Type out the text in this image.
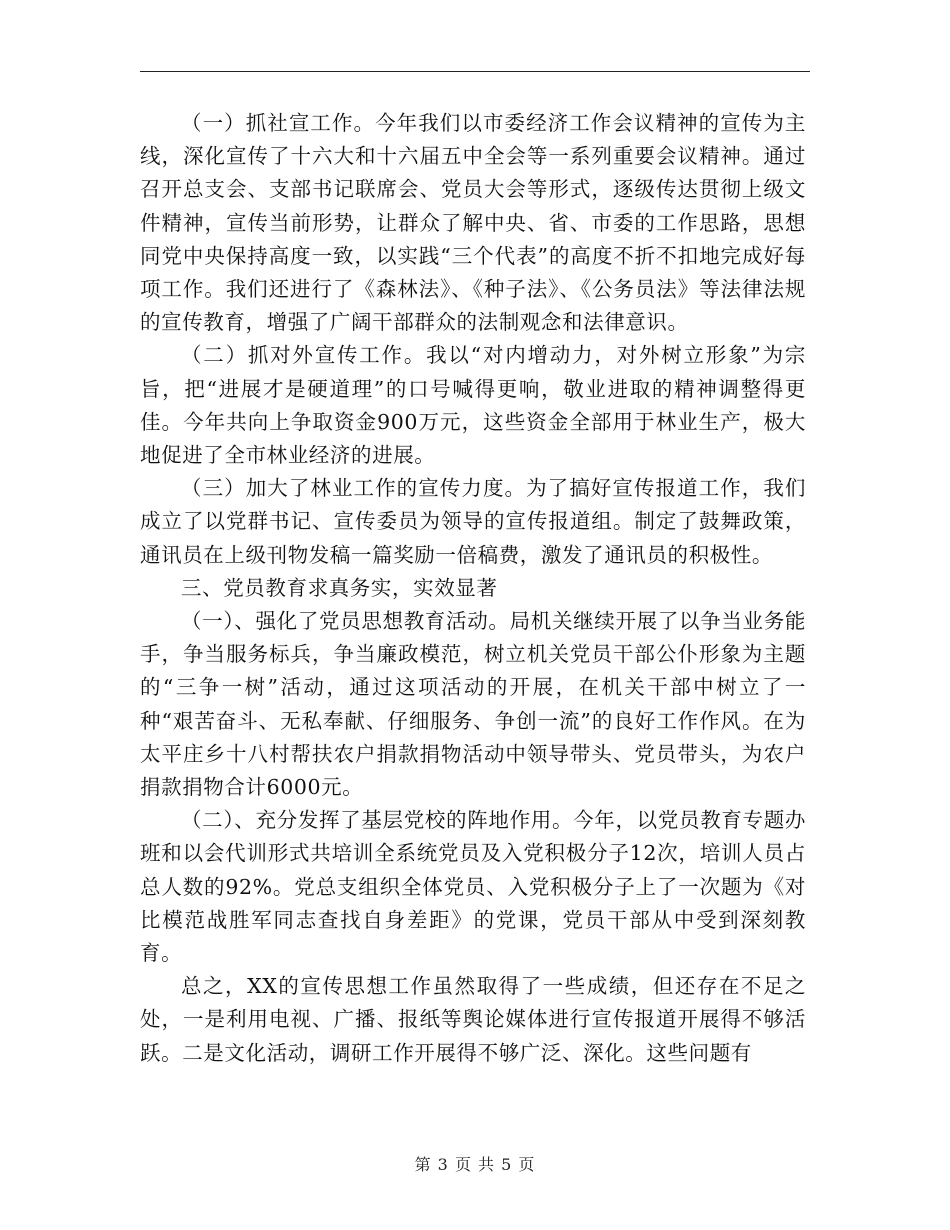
（一）抓社宣工作。今年我们以市委经济工作会议精神的宣传为主线，深化宣传了十六大和十六届五中全会等一系列重要会议精神。通过召开总支会、支部书记联席会、党员大会等形式，逐级传达贯彻上级文件精神，宣传当前形势，让群众了解中央、省、市委的工作思路，思想同党中央保持高度一致，以实践“三个代表”的高度不折不扣地完成好每项工作。我们还进行了《森林法》、《种子法》、《公务员法》等法律法规的宣传教育，增强了广阔干部群众的法制观念和法律意识。

（二）抓对外宣传工作。我以“对内增动力，对外树立形象”为宗旨，把“进展才是硬道理”的口号喊得更响，敬业进取的精神调整得更佳。今年共向上争取资金900万元，这些资金全部用于林业生产，极大地促进了全市林业经济的进展。

（三）加大了林业工作的宣传力度。为了搞好宣传报道工作，我们成立了以党群书记、宣传委员为领导的宣传报道组。制定了鼓舞政策，通讯员在上级刊物发稿一篇奖励一倍稿费，激发了通讯员的积极性。

三、党员教育求真务实，实效显著

（一）、强化了党员思想教育活动。局机关继续开展了以争当业务能手，争当服务标兵，争当廉政模范，树立机关党员干部公仆形象为主题的“三争一树”活动，通过这项活动的开展，在机关干部中树立了一种“艰苦奋斗、无私奉献、仔细服务、争创一流”的良好工作作风。在为太平庄乡十八村帮扶农户捐款捐物活动中领导带头、党员带头，为农户捐款捐物合计6000元。

（二）、充分发挥了基层党校的阵地作用。今年，以党员教育专题办班和以会代训形式共培训全系统党员及入党积极分子12次，培训人员占总人数的92%。党总支组织全体党员、入党积极分子上了一次题为《对比模范战胜军同志查找自身差距》的党课，党员干部从中受到深刻教育。

总之，XX的宣传思想工作虽然取得了一些成绩，但还存在不足之处，一是利用电视、广播、报纸等舆论媒体进行宣传报道开展得不够活跃。二是文化活动，调研工作开展得不够广泛、深化。这些问题有

第 3 页 共 5 页
